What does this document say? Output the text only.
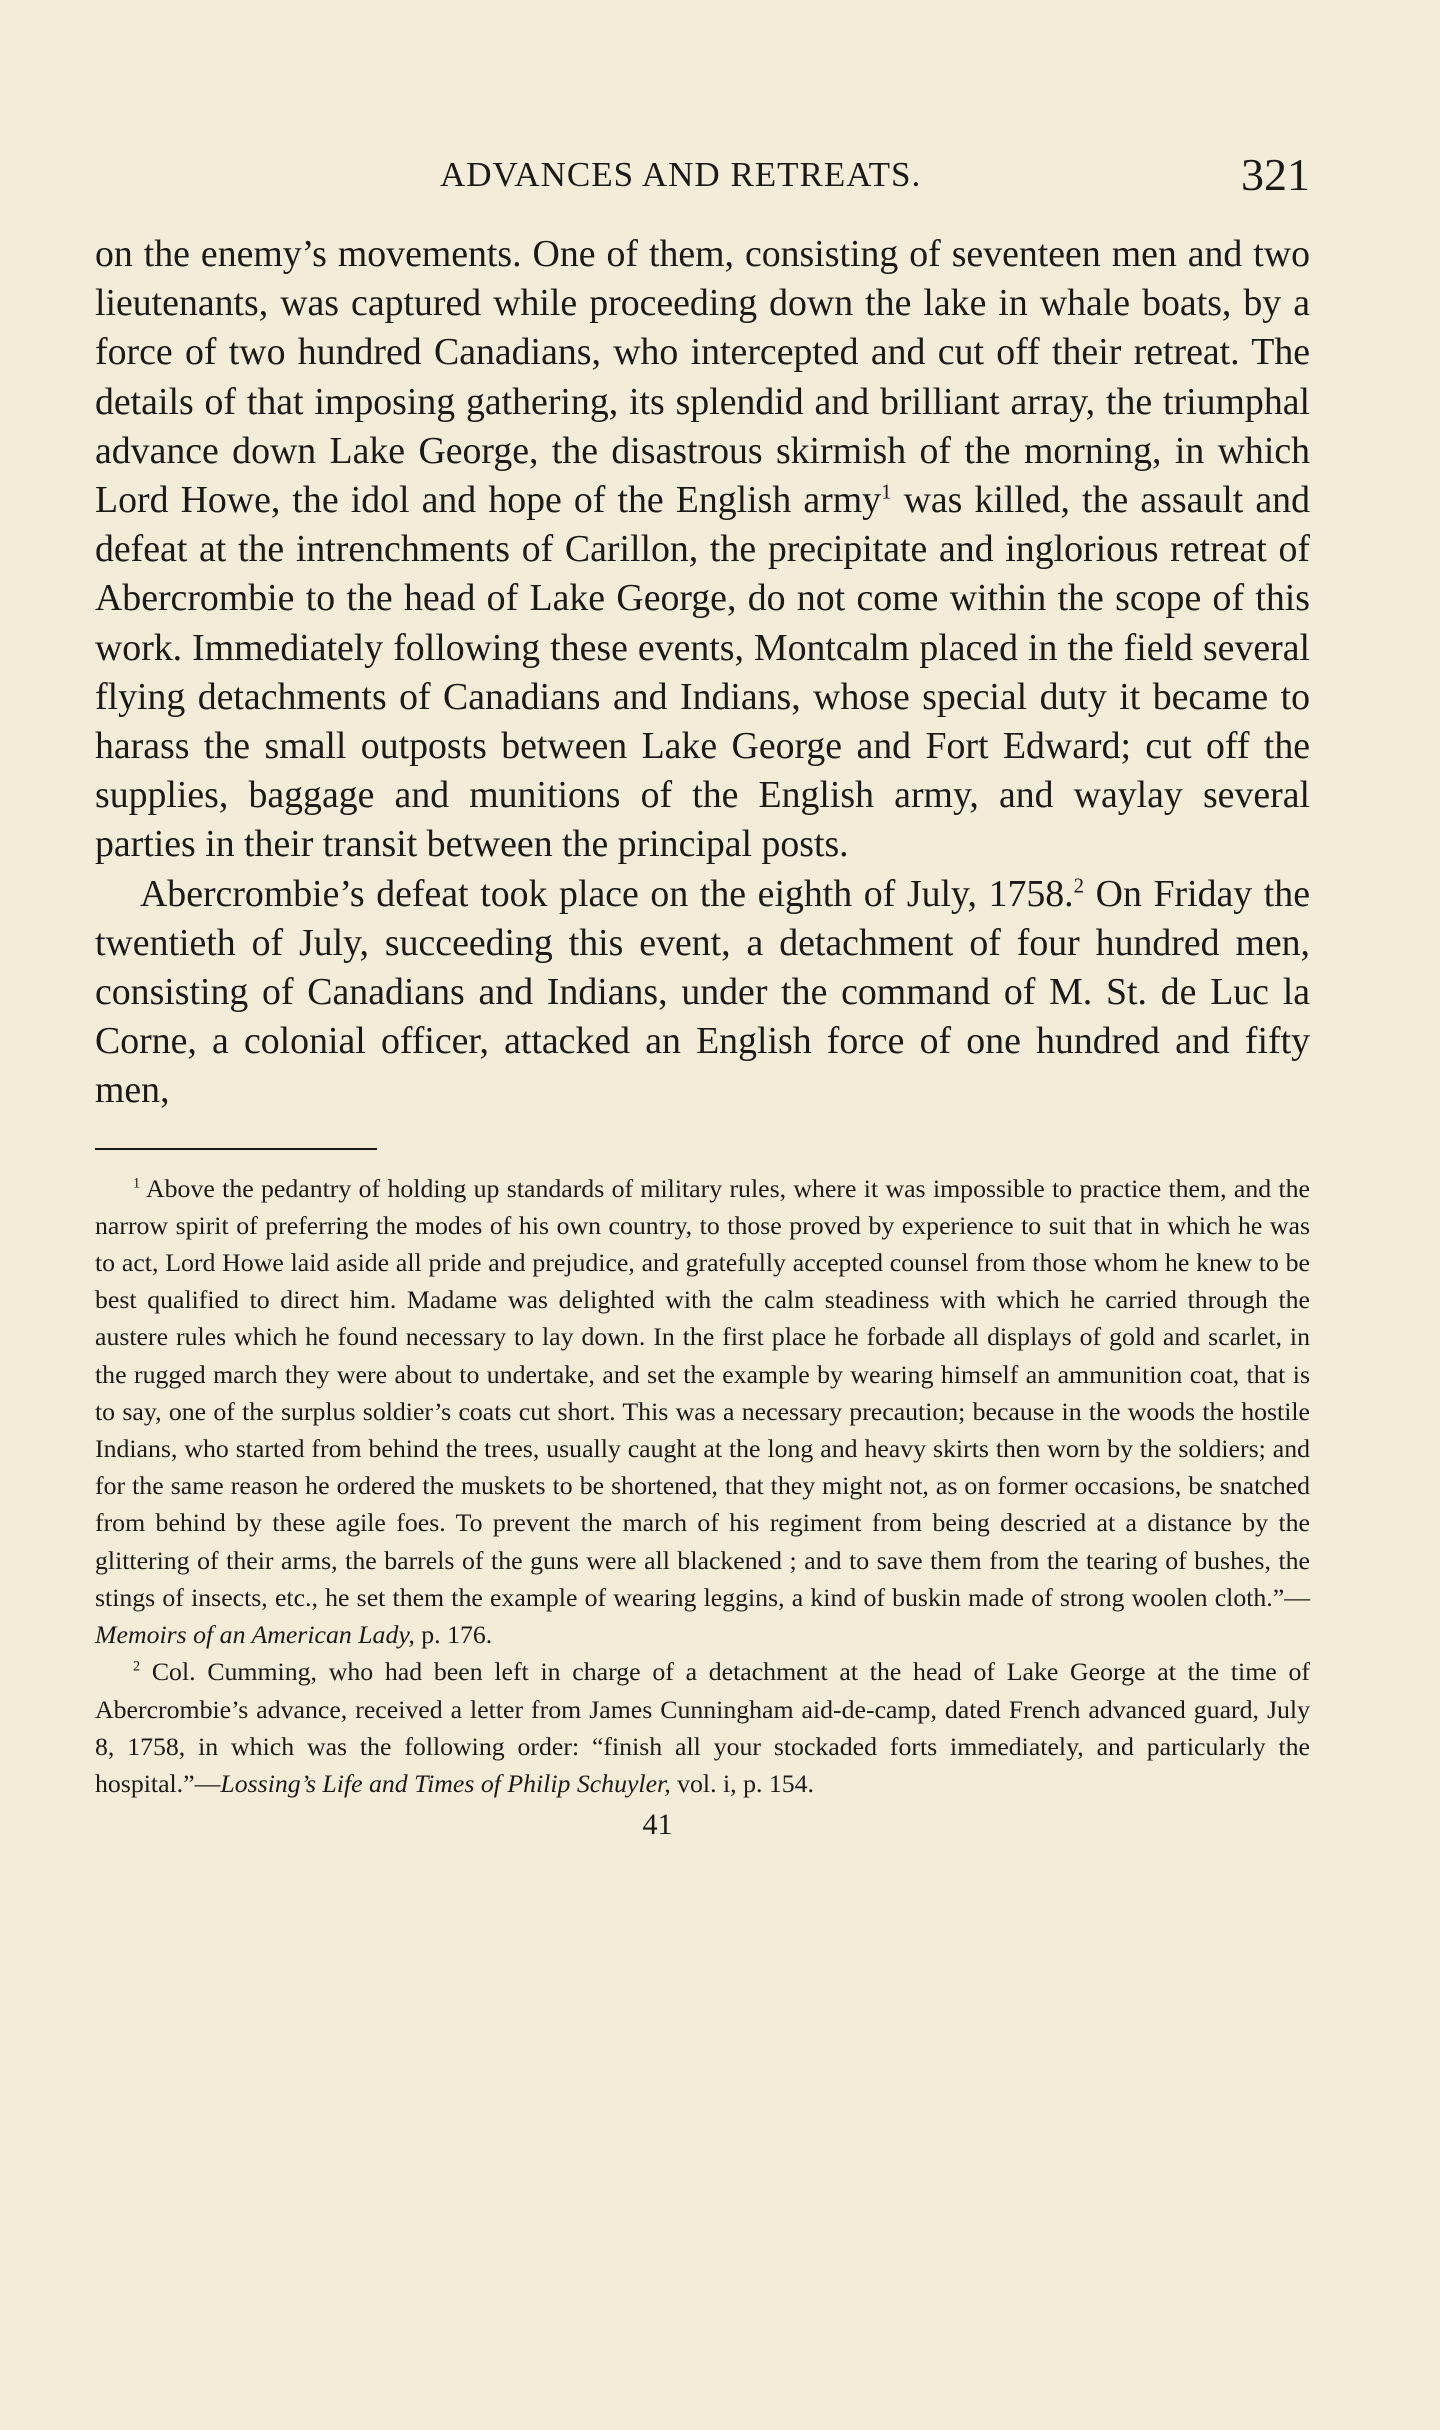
ADVANCES AND RETREATS.	321

on the enemy’s movements. One of them, consisting of seventeen men and two lieutenants, was captured while proceeding down the lake in whale boats, by a force of two hundred Canadians, who intercepted and cut off their retreat. The details of that imposing gathering, its splendid and brilliant array, the triumphal advance down Lake George, the disastrous skirmish of the morning, in which Lord Howe, the idol and hope of the English army$^1$ was killed, the assault and defeat at the intrenchments of Carillon, the precipitate and inglorious retreat of Abercrombie to the head of Lake George, do not come within the scope of this work. Immediately following these events, Montcalm placed in the field several flying detachments of Canadians and Indians, whose special duty it became to harass the small outposts between Lake George and Fort Edward; cut off the supplies, baggage and munitions of the English army, and waylay several parties in their transit between the principal posts.

Abercrombie’s defeat took place on the eighth of July, 1758.$^2$ On Friday the twentieth of July, succeeding this event, a detachment of four hundred men, consisting of Canadians and Indians, under the command of M. St. de Luc la Corne, a colonial officer, attacked an English force of one hundred and fifty men,

$^1$ Above the pedantry of holding up standards of military rules, where it was impossible to practice them, and the narrow spirit of preferring the modes of his own country, to those proved by experience to suit that in which he was to act, Lord Howe laid aside all pride and prejudice, and gratefully accepted counsel from those whom he knew to be best qualified to direct him. Madame was delighted with the calm steadiness with which he carried through the austere rules which he found necessary to lay down. In the first place he forbade all displays of gold and scarlet, in the rugged march they were about to undertake, and set the example by wearing himself an ammunition coat, that is to say, one of the surplus soldier’s coats cut short. This was a necessary precaution; because in the woods the hostile Indians, who started from behind the trees, usually caught at the long and heavy skirts then worn by the soldiers; and for the same reason he ordered the muskets to be shortened, that they might not, as on former occasions, be snatched from behind by these agile foes. To prevent the march of his regiment from being descried at a distance by the glittering of their arms, the barrels of the guns were all blackened ; and to save them from the tearing of bushes, the stings of insects, etc., he set them the example of wearing leggins, a kind of buskin made of strong woolen cloth.”—Memoirs of an American Lady, p. 176.

$^2$ Col. Cumming, who had been left in charge of a detachment at the head of Lake George at the time of Abercrombie’s advance, received a letter from James Cunningham aid-de-camp, dated French advanced guard, July 8, 1758, in which was the following order: “finish all your stockaded forts immediately, and particularly the hospital.”—Lossing’s Life and Times of Philip Schuyler, vol. i, p. 154.

41
